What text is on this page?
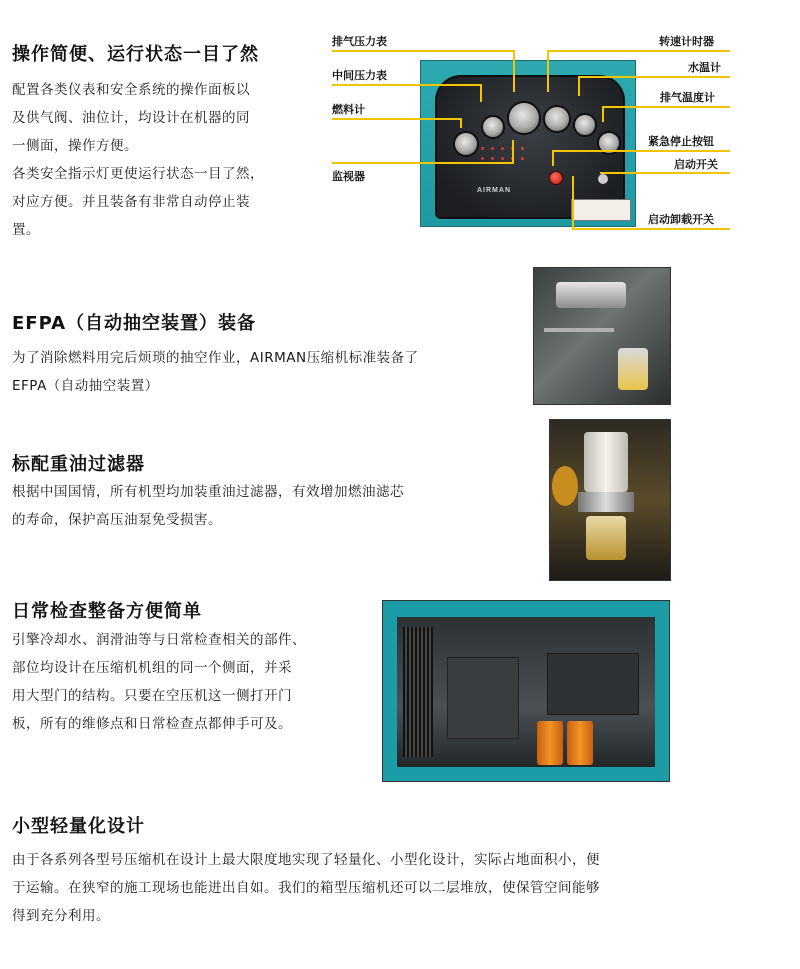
操作简便、运行状态一目了然
配置各类仪表和安全系统的操作面板以
及供气阀、油位计，均设计在机器的同
一侧面，操作方便。
各类安全指示灯更使运行状态一目了然，
对应方便。并且装备有非常自动停止装
置。
AIRMAN
排气压力表
中间压力表
燃料计
监视器
转速计时器
水温计
排气温度计
紧急停止按钮
启动开关
启动卸载开关
EFPA（自动抽空装置）装备
为了消除燃料用完后烦琐的抽空作业，AIRMAN压缩机标准装备了
EFPA（自动抽空装置）
标配重油过滤器
根据中国国情，所有机型均加装重油过滤器，有效增加燃油滤芯
的寿命，保护高压油泵免受损害。
日常检查整备方便简单
引擎冷却水、润滑油等与日常检查相关的部件、
部位均设计在压缩机机组的同一个侧面，并采
用大型门的结构。只要在空压机这一侧打开门
板，所有的维修点和日常检查点都伸手可及。
小型轻量化设计
由于各系列各型号压缩机在设计上最大限度地实现了轻量化、小型化设计，实际占地面积小，便
于运输。在狭窄的施工现场也能进出自如。我们的箱型压缩机还可以二层堆放，使保管空间能够
得到充分利用。
